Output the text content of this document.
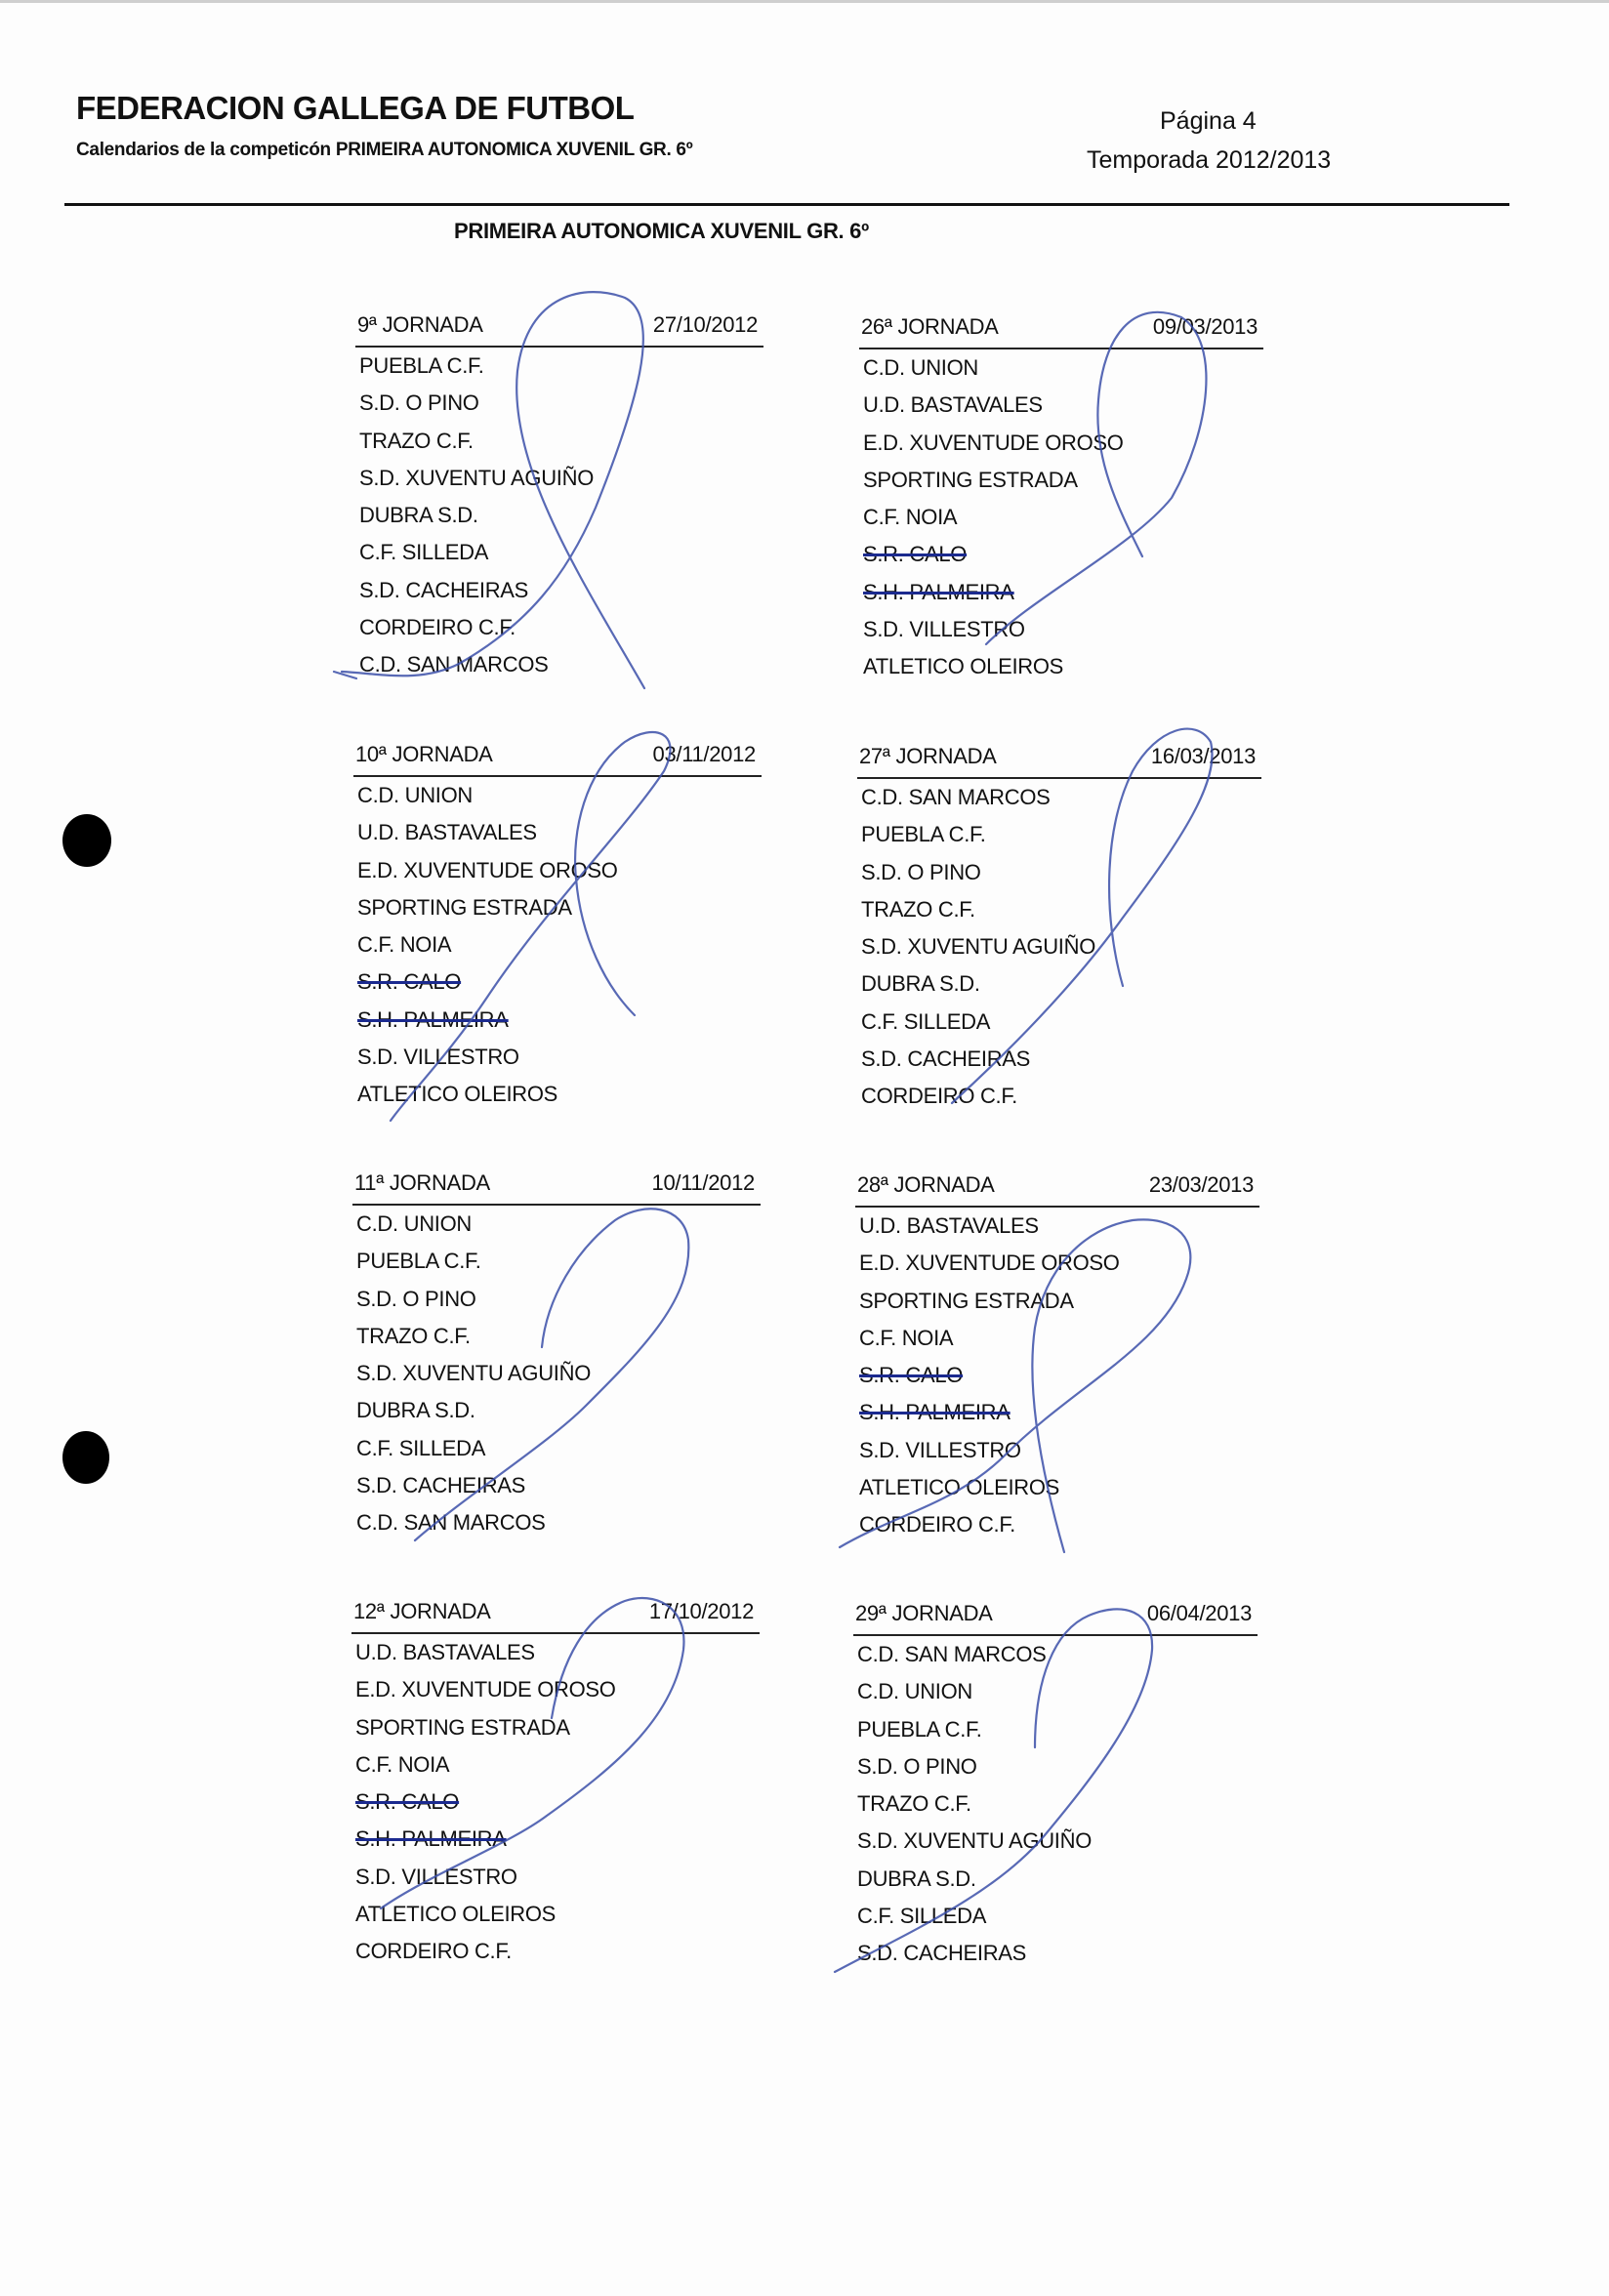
FEDERACION GALLEGA DE FUTBOL
Calendarios de la competicón PRIMEIRA AUTONOMICA XUVENIL GR. 6º
Página 4
Temporada 2012/2013
PRIMEIRA AUTONOMICA XUVENIL GR. 6º
9ª JORNADA	27/10/2012
PUEBLA C.F.
S.D. O PINO
TRAZO C.F.
S.D. XUVENTU AGUIÑO
DUBRA S.D.
C.F. SILLEDA
S.D. CACHEIRAS
CORDEIRO C.F.
C.D. SAN MARCOS
10ª JORNADA	03/11/2012
C.D. UNION
U.D. BASTAVALES
E.D. XUVENTUDE OROSO
SPORTING ESTRADA
C.F. NOIA
S.R. CALO
S.H. PALMEIRA
S.D. VILLESTRO
ATLETICO OLEIROS
11ª JORNADA	10/11/2012
C.D. UNION
PUEBLA C.F.
S.D. O PINO
TRAZO C.F.
S.D. XUVENTU AGUIÑO
DUBRA S.D.
C.F. SILLEDA
S.D. CACHEIRAS
C.D. SAN MARCOS
12ª JORNADA	17/10/2012
U.D. BASTAVALES
E.D. XUVENTUDE OROSO
SPORTING ESTRADA
C.F. NOIA
S.R. CALO
S.H. PALMEIRA
S.D. VILLESTRO
ATLETICO OLEIROS
CORDEIRO C.F.
26ª JORNADA	09/03/2013
C.D. UNION
U.D. BASTAVALES
E.D. XUVENTUDE OROSO
SPORTING ESTRADA
C.F. NOIA
S.R. CALO
S.H. PALMEIRA
S.D. VILLESTRO
ATLETICO OLEIROS
27ª JORNADA	16/03/2013
C.D. SAN MARCOS
PUEBLA C.F.
S.D. O PINO
TRAZO C.F.
S.D. XUVENTU AGUIÑO
DUBRA S.D.
C.F. SILLEDA
S.D. CACHEIRAS
CORDEIRO C.F.
28ª JORNADA	23/03/2013
U.D. BASTAVALES
E.D. XUVENTUDE OROSO
SPORTING ESTRADA
C.F. NOIA
S.R. CALO
S.H. PALMEIRA
S.D. VILLESTRO
ATLETICO OLEIROS
CORDEIRO C.F.
29ª JORNADA	06/04/2013
C.D. SAN MARCOS
C.D. UNION
PUEBLA C.F.
S.D. O PINO
TRAZO C.F.
S.D. XUVENTU AGUIÑO
DUBRA S.D.
C.F. SILLEDA
S.D. CACHEIRAS
